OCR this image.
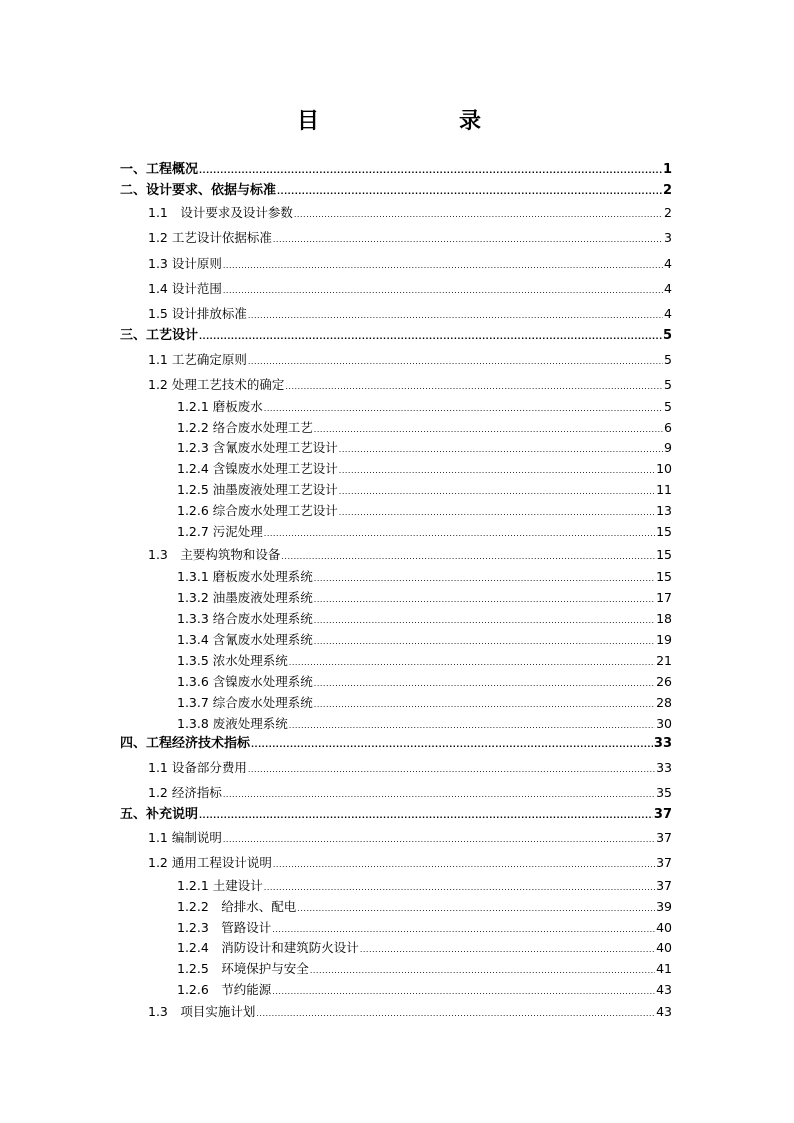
目　　录
一、工程概况 .....	1
二、设计要求、依据与标准 .....	2
1.1　设计要求及设计参数 .....	2
1.2 工艺设计依据标准 .....	3
1.3 设计原则 .....	4
1.4 设计范围 .....	4
1.5 设计排放标准 .....	4
三、工艺设计 .....	5
1.1 工艺确定原则 .....	5
1.2 处理工艺技术的确定 .....	5
1.2.1 磨板废水 .....	5
1.2.2 络合废水处理工艺 .....	6
1.2.3 含氰废水处理工艺设计 .....	9
1.2.4 含镍废水处理工艺设计 .....	10
1.2.5 油墨废液处理工艺设计 .....	11
1.2.6 综合废水处理工艺设计 .....	13
1.2.7 污泥处理 .....	15
1.3　主要构筑物和设备 .....	15
1.3.1 磨板废水处理系统 .....	15
1.3.2 油墨废液处理系统 .....	17
1.3.3 络合废水处理系统 .....	18
1.3.4 含氰废水处理系统 .....	19
1.3.5 浓水处理系统 .....	21
1.3.6 含镍废水处理系统 .....	26
1.3.7 综合废水处理系统 .....	28
1.3.8 废液处理系统 .....	30
四、工程经济技术指标 .....	33
1.1 设备部分费用 .....	33
1.2 经济指标 .....	35
五、补充说明 .....	37
1.1 编制说明 .....	37
1.2 通用工程设计说明 .....	37
1.2.1 土建设计 .....	37
1.2.2　给排水、配电 .....	39
1.2.3　管路设计 .....	40
1.2.4　消防设计和建筑防火设计 .....	40
1.2.5　环境保护与安全 .....	41
1.2.6　节约能源 .....	43
1.3　项目实施计划 .....	43
